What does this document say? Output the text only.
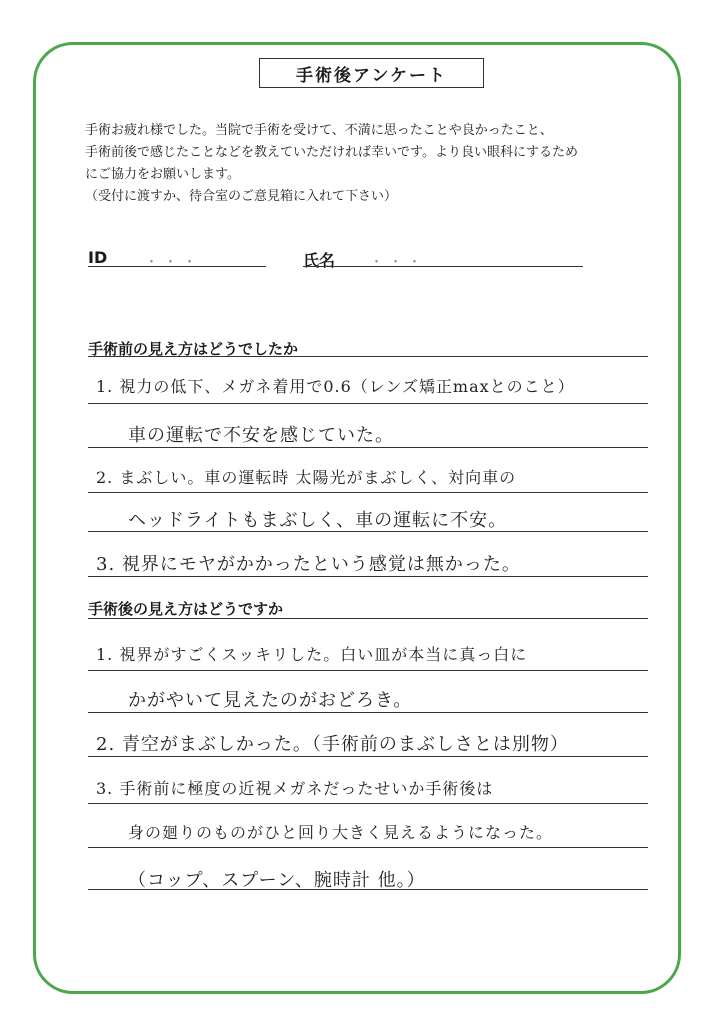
手術後アンケート
手術お疲れ様でした。当院で手術を受けて、不満に思ったことや良かったこと、
手術前後で感じたことなどを教えていただければ幸いです。より良い眼科にするため
にご協力をお願いします。
（受付に渡すか、待合室のご意見箱に入れて下さい）
ID	・・・	氏名	・・・
手術前の見え方はどうでしたか
1. 視力の低下、メガネ着用で0.6（レンズ矯正maxとのこと）
車の運転で不安を感じていた。
2. まぶしい。車の運転時 太陽光がまぶしく、対向車の
ヘッドライトもまぶしく、車の運転に不安。
3. 視界にモヤがかかったという感覚は無かった。
手術後の見え方はどうですか
1. 視界がすごくスッキリした。白い皿が本当に真っ白に
かがやいて見えたのがおどろき。
2. 青空がまぶしかった。（手術前のまぶしさとは別物）
3. 手術前に極度の近視メガネだったせいか手術後は
身の廻りのものがひと回り大きく見えるようになった。
（コップ、スプーン、腕時計 他。）
